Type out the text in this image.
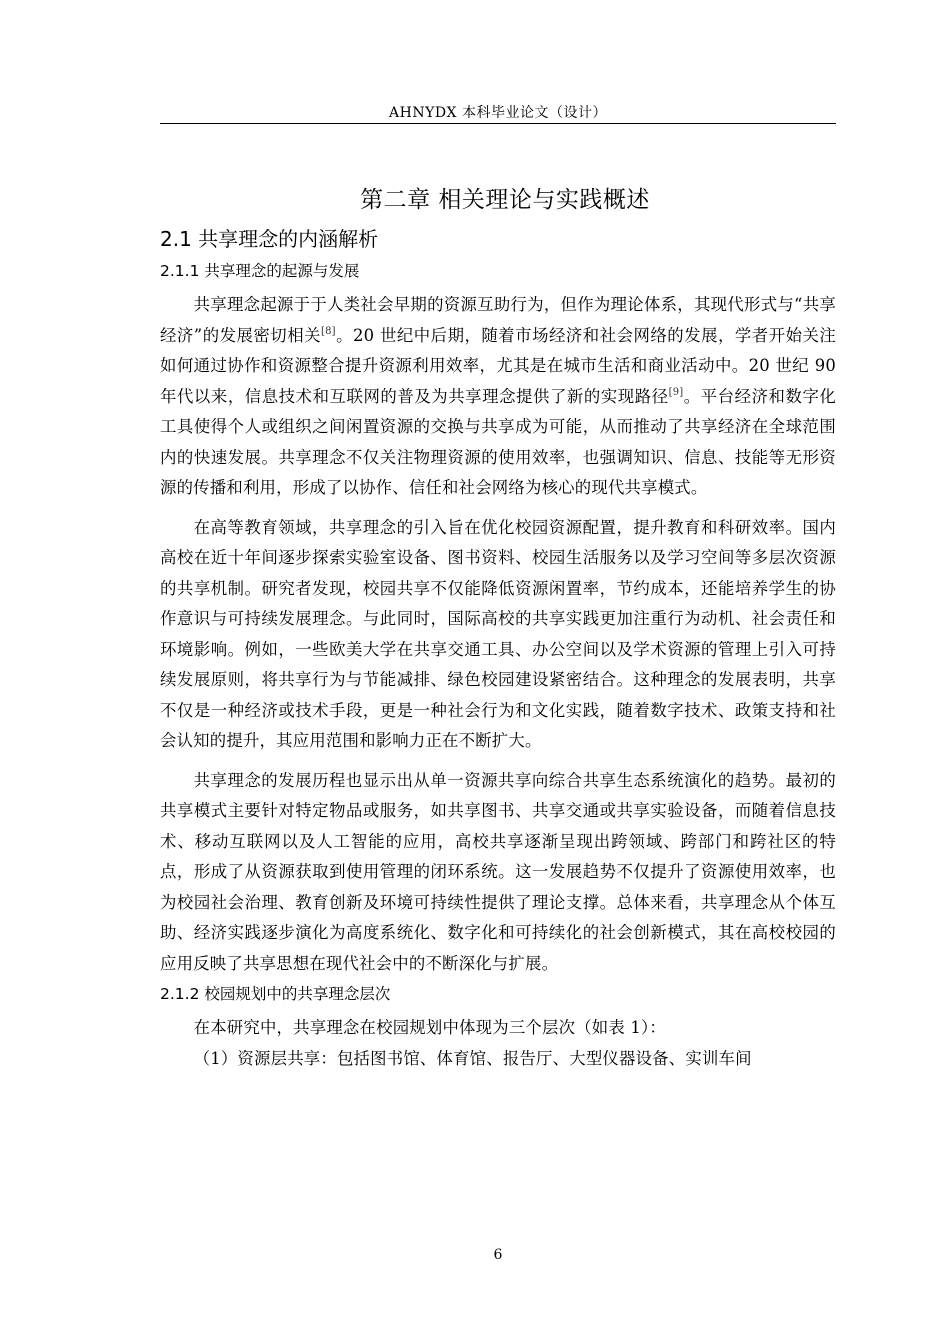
AHNYDX 本科毕业论文（设计）
第二章 相关理论与实践概述
2.1 共享理念的内涵解析
2.1.1 共享理念的起源与发展

共享理念起源于于人类社会早期的资源互助行为，但作为理论体系，其现代形式与“共享经济”的发展密切相关[8]。20 世纪中后期，随着市场经济和社会网络的发展，学者开始关注如何通过协作和资源整合提升资源利用效率，尤其是在城市生活和商业活动中。20 世纪 90 年代以来，信息技术和互联网的普及为共享理念提供了新的实现路径[9]。平台经济和数字化工具使得个人或组织之间闲置资源的交换与共享成为可能，从而推动了共享经济在全球范围内的快速发展。共享理念不仅关注物理资源的使用效率，也强调知识、信息、技能等无形资源的传播和利用，形成了以协作、信任和社会网络为核心的现代共享模式。

在高等教育领域，共享理念的引入旨在优化校园资源配置，提升教育和科研效率。国内高校在近十年间逐步探索实验室设备、图书资料、校园生活服务以及学习空间等多层次资源的共享机制。研究者发现，校园共享不仅能降低资源闲置率，节约成本，还能培养学生的协作意识与可持续发展理念。与此同时，国际高校的共享实践更加注重行为动机、社会责任和环境影响。例如，一些欧美大学在共享交通工具、办公空间以及学术资源的管理上引入可持续发展原则，将共享行为与节能减排、绿色校园建设紧密结合。这种理念的发展表明，共享不仅是一种经济或技术手段，更是一种社会行为和文化实践，随着数字技术、政策支持和社会认知的提升，其应用范围和影响力正在不断扩大。

共享理念的发展历程也显示出从单一资源共享向综合共享生态系统演化的趋势。最初的共享模式主要针对特定物品或服务，如共享图书、共享交通或共享实验设备，而随着信息技术、移动互联网以及人工智能的应用，高校共享逐渐呈现出跨领域、跨部门和跨社区的特点，形成了从资源获取到使用管理的闭环系统。这一发展趋势不仅提升了资源使用效率，也为校园社会治理、教育创新及环境可持续性提供了理论支撑。总体来看，共享理念从个体互助、经济实践逐步演化为高度系统化、数字化和可持续化的社会创新模式，其在高校校园的应用反映了共享思想在现代社会中的不断深化与扩展。

2.1.2 校园规划中的共享理念层次

在本研究中，共享理念在校园规划中体现为三个层次（如表 1）：

（1）资源层共享：包括图书馆、体育馆、报告厅、大型仪器设备、实训车间

6
